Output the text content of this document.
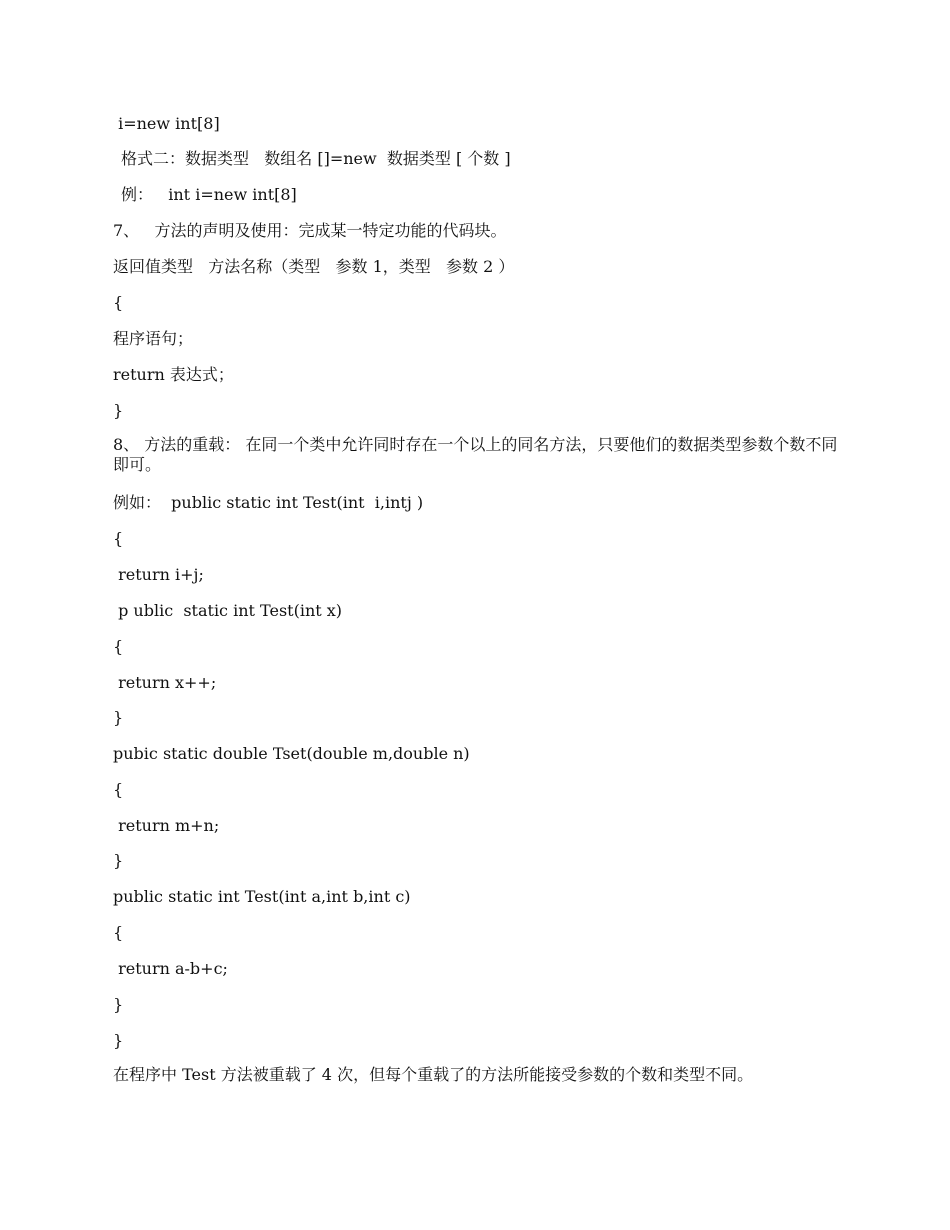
i=new int[8]
格式二：数据类型   数组名 []=new  数据类型 [ 个数 ]
例：   int i=new int[8]
7、   方法的声明及使用：完成某一特定功能的代码块。
返回值类型   方法名称（类型   参数 1，类型   参数 2 ）
{
程序语句；
return 表达式；
}
8、 方法的重载： 在同一个类中允许同时存在一个以上的同名方法，只要他们的数据类型参数个数不同即可。
例如：  public static int Test(int  i,intj )
{
return i+j;
p ublic  static int Test(int x)
{
return x++;
}
pubic static double Tset(double m,double n)
{
return m+n;
}
public static int Test(int a,int b,int c)
{
return a-b+c;
}
}
在程序中 Test 方法被重载了 4 次，但每个重载了的方法所能接受参数的个数和类型不同。
